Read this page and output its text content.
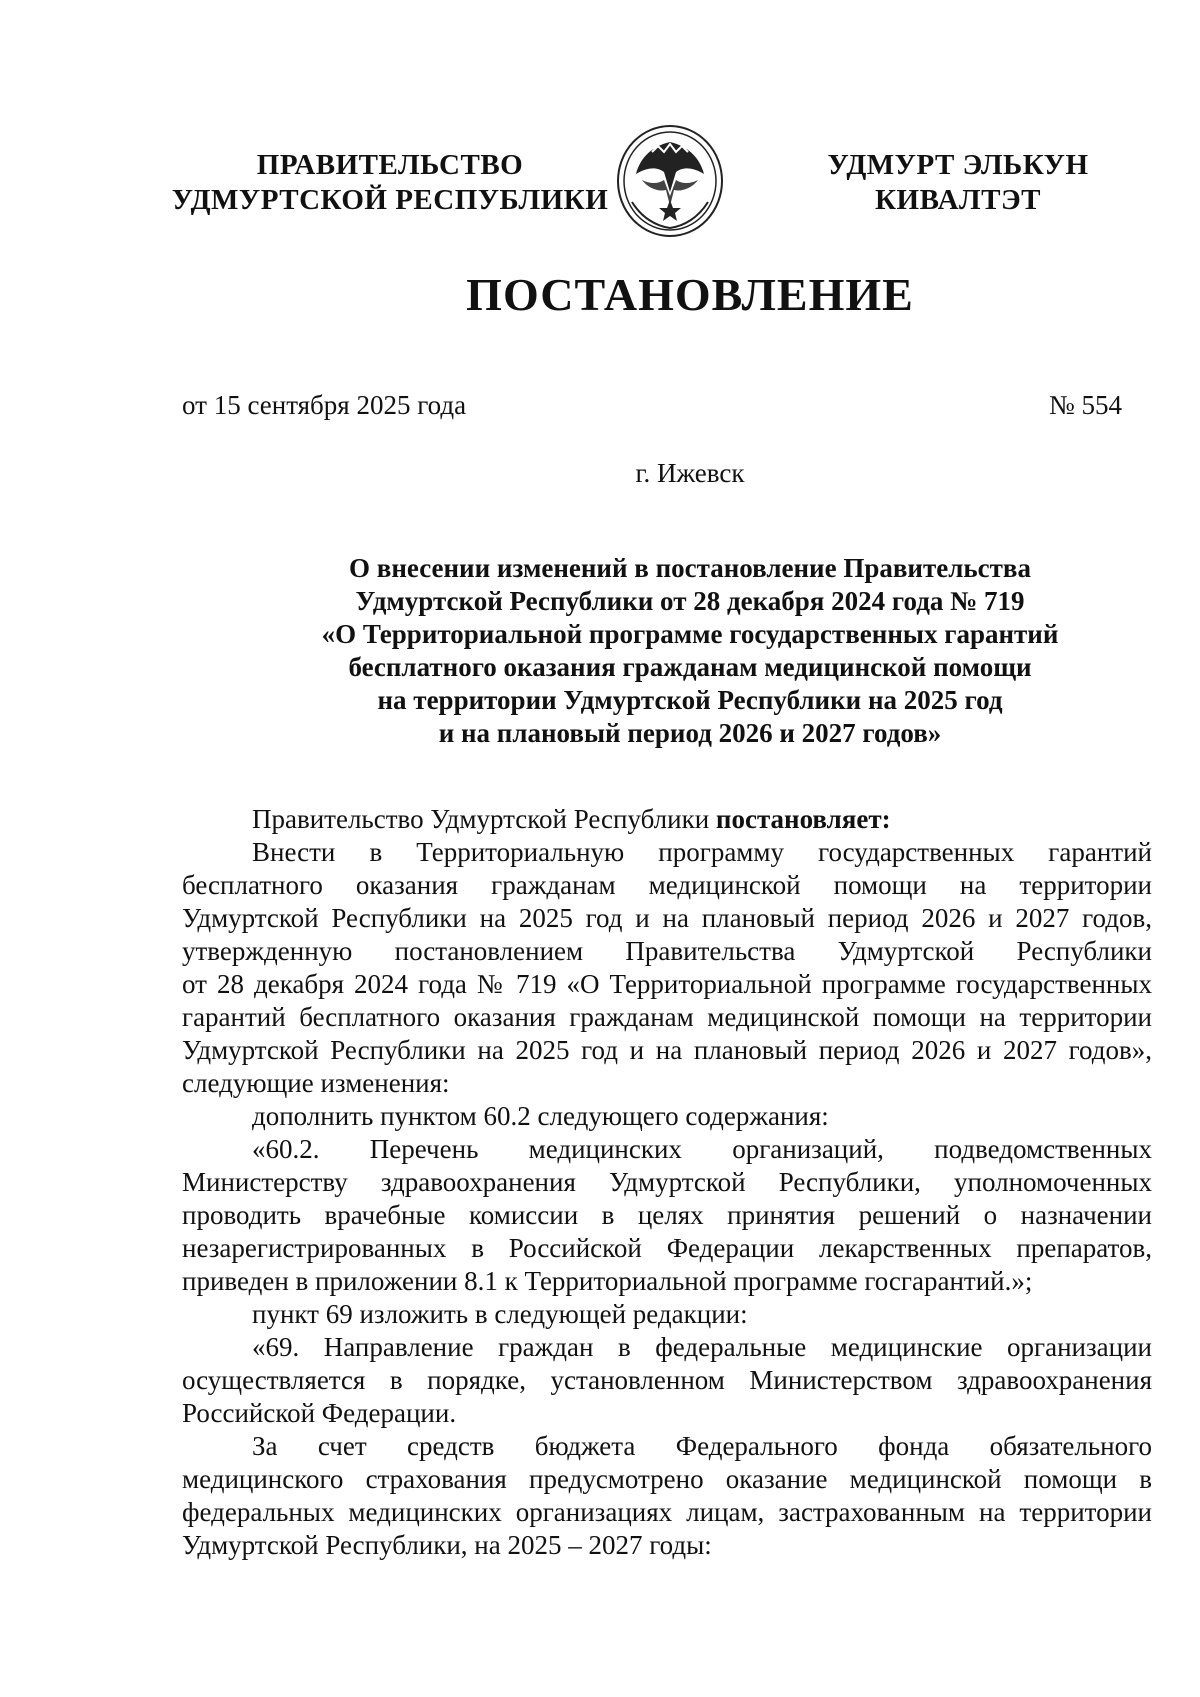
ПРАВИТЕЛЬСТВО
УДМУРТСКОЙ РЕСПУБЛИКИ
УДМУРТ ЭЛЬКУН
КИВАЛТЭТ
ПОСТАНОВЛЕНИЕ
от 15 сентября 2025 года	№ 554
г. Ижевск
О внесении изменений в постановление Правительства
Удмуртской Республики от 28 декабря 2024 года № 719
«О Территориальной программе государственных гарантий
бесплатного оказания гражданам медицинской помощи
на территории Удмуртской Республики на 2025 год
и на плановый период 2026 и 2027 годов»

Правительство Удмуртской Республики постановляет:

Внести в Территориальную программу государственных гарантий
бесплатного оказания гражданам медицинской помощи на территории
Удмуртской Республики на 2025 год и на плановый период 2026 и 2027 годов,
утвержденную постановлением Правительства Удмуртской Республики
от 28 декабря 2024 года № 719 «О Территориальной программе государственных
гарантий бесплатного оказания гражданам медицинской помощи на территории
Удмуртской Республики на 2025 год и на плановый период 2026 и 2027 годов»,
следующие изменения:

дополнить пунктом 60.2 следующего содержания:

«60.2. Перечень медицинских организаций, подведомственных
Министерству здравоохранения Удмуртской Республики, уполномоченных
проводить врачебные комиссии в целях принятия решений о назначении
незарегистрированных в Российской Федерации лекарственных препаратов,
приведен в приложении 8.1 к Территориальной программе госгарантий.»;

пункт 69 изложить в следующей редакции:

«69. Направление граждан в федеральные медицинские организации
осуществляется в порядке, установленном Министерством здравоохранения
Российской Федерации.

За счет средств бюджета Федерального фонда обязательного
медицинского страхования предусмотрено оказание медицинской помощи в
федеральных медицинских организациях лицам, застрахованным на территории
Удмуртской Республики, на 2025 – 2027 годы:
